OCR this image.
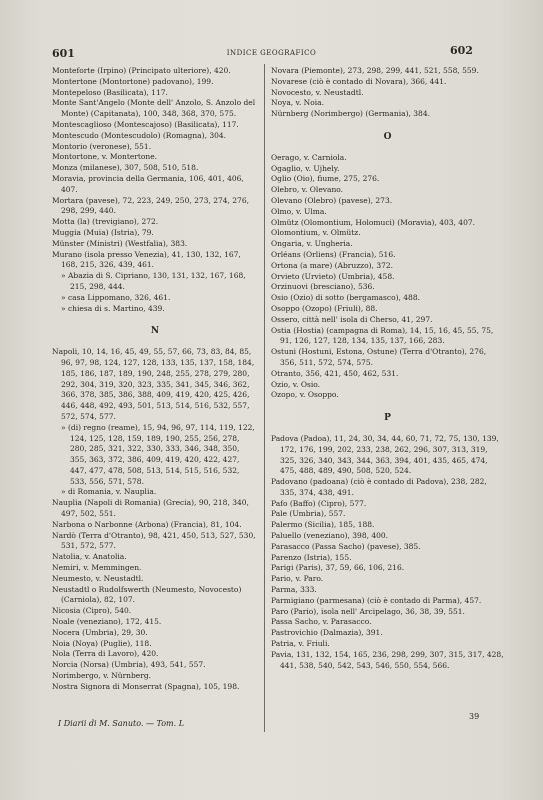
601	INDICE GEOGRAFICO	602
Monteforte (Irpino) (Principato ulteriore), 420.
Montertone (Montortone) padovano), 199.
Montepeloso (Basilicata), 117.
Monte Sant'Angelo (Monte dell' Anzolo, S. Anzolo del Monte) (Capitanata), 100, 348, 368, 370, 575.
Montescaglioso (Montescajoso) (Basilicata), 117.
Montescudo (Montescudolo) (Romagna), 304.
Montorio (veronese), 551.
Montortone, v. Montertone.
Monza (milanese), 307, 508, 510, 518.
Moravia, provincia della Germania, 106, 401, 406, 407.
Mortara (pavese), 72, 223, 249, 250, 273, 274, 276, 298, 299, 440.
Motta (la) (trevigiano), 272.
Muggia (Muia) (Istria), 79.
Münster (Ministri) (Westfalia), 383.
Murano (isola presso Venezia), 41, 130, 132, 167, 168, 215, 326, 439, 461.
» Abazia di S. Cipriano, 130, 131, 132, 167, 168, 215, 298, 444.
» casa Lippomano, 326, 461.
» chiesa di s. Martino, 439.
N
Napoli, 10, 14, 16, 45, 49, 55, 57, 66, 73, 83, 84, 85, 96, 97, 98, 124, 127, 128, 133, 135, 137, 158, 184, 185, 186, 187, 189, 190, 248, 255, 278, 279, 280, 292, 304, 319, 320, 323, 335, 341, 345, 346, 362, 366, 378, 385, 386, 388, 409, 419, 420, 425, 426, 446, 448, 492, 493, 501, 513, 514, 516, 532, 557, 572, 574, 577.
» (di) regno (reame), 15, 94, 96, 97, 114, 119, 122, 124, 125, 128, 159, 189, 190, 255, 256, 278, 280, 285, 321, 322, 330, 333, 346, 348, 350, 355, 363, 372, 386, 409, 419, 420, 422, 427, 447, 477, 478, 508, 513, 514, 515, 516, 532, 533, 556, 571, 578.
» di Romania, v. Nauplia.
Nauplia (Napoli di Romania) (Grecia), 90, 218, 340, 497, 502, 551.
Narbona o Narbonne (Arbona) (Francia), 81, 104.
Nardò (Terra d'Otranto), 98, 421, 450, 513, 527, 530, 531, 572, 577.
Natolia, v. Anatolia.
Nemiri, v. Memmingen.
Neumesto, v. Neustadtl.
Neustadtl o Rudolfswerth (Neumesto, Novocesto) (Carniola), 82, 107.
Nicosia (Cipro), 540.
Noale (veneziano), 172, 415.
Nocera (Umbria), 29, 30.
Noia (Noya) (Puglie), 118.
Nola (Terra di Lavoro), 420.
Norcia (Norsa) (Umbria), 493, 541, 557.
Norimbergo, v. Nürnberg.
Nostra Signora di Monserrat (Spagna), 105, 198.
Novara (Piemonte), 273, 298, 299, 441, 521, 558, 559.
Novarese (ciò è contado di Novara), 366, 441.
Novocesto, v. Neustadtl.
Noya, v. Noia.
Nürnberg (Norimbergo) (Germania), 384.
O
Oerago, v. Carniola.
Ogaglio, v. Ujhely.
Oglio (Oio), fiume, 275, 276.
Olebro, v. Olevano.
Olevano (Olebro) (pavese), 273.
Olmo, v. Ulma.
Olmütz (Olomontium, Holomuci) (Moravia), 403, 407.
Olomontium, v. Olmütz.
Ongaria, v. Ungheria.
Orléans (Orliens) (Francia), 516.
Ortona (a mare) (Abruzzo), 372.
Orvieto (Urvieto) (Umbria), 458.
Orzinuovi (bresciano), 536.
Osio (Ozio) di sotto (bergamasco), 488.
Osoppo (Ozopo) (Friuli), 88.
Ossero, città nell' isola di Cherso, 41, 297.
Ostia (Hostia) (campagna di Roma), 14, 15, 16, 45, 55, 75, 91, 126, 127, 128, 134, 135, 137, 166, 283.
Ostuni (Hostuni, Estona, Ostune) (Terra d'Otranto), 276, 356, 511, 572, 574, 575.
Otranto, 356, 421, 450, 462, 531.
Ozio, v. Osio.
Ozopo, v. Osoppo.
P
Padova (Padoa), 11, 24, 30, 34, 44, 60, 71, 72, 75, 130, 139, 172, 176, 199, 202, 233, 238, 262, 296, 307, 313, 319, 325, 326, 340, 343, 344, 363, 394, 401, 435, 465, 474, 475, 488, 489, 490, 508, 520, 524.
Padovano (padoana) (ciò è contado di Padova), 238, 282, 335, 374, 438, 491.
Pafo (Baffo) (Cipro), 577.
Pale (Umbria), 557.
Palermo (Sicilia), 185, 188.
Paluello (veneziano), 398, 400.
Parasacco (Passa Sacho) (pavese), 385.
Parenzo (Istria), 155.
Parigi (Paris), 37, 59, 66, 106, 216.
Pario, v. Paro.
Parma, 333.
Parmigiano (parmesana) (ciò è contado di Parma), 457.
Paro (Pario), isola nell' Arcipelago, 36, 38, 39, 551.
Passa Sacho, v. Parasacco.
Pastrovichio (Dalmazia), 391.
Patria, v. Friuli.
Pavia, 131, 132, 154, 165, 236, 298, 299, 307, 315, 317, 428, 441, 538, 540, 542, 543, 546, 550, 554, 566.
I Diarii di M. Sanuto. — Tom. L
39
